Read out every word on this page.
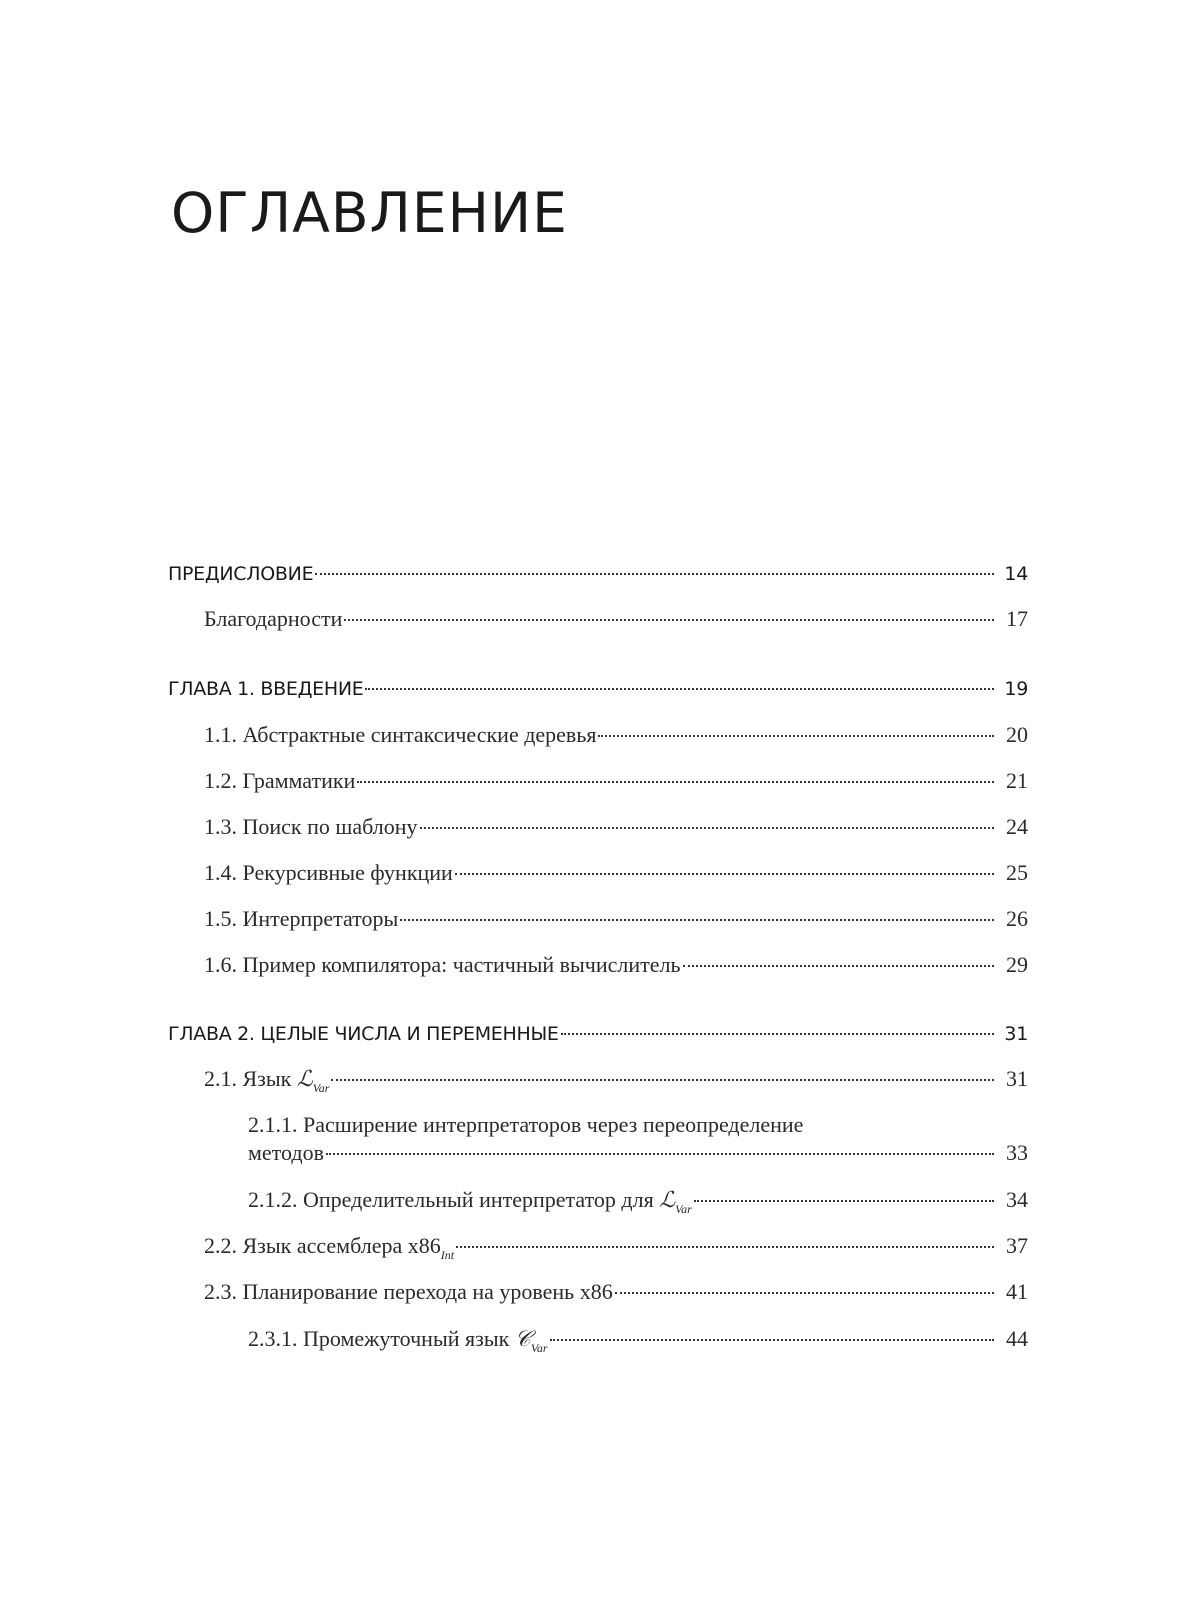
ОГЛАВЛЕНИЕ
ПРЕДИСЛОВИЕ	14
Благодарности	17
ГЛАВА 1. ВВЕДЕНИЕ	19
1.1. Абстрактные синтаксические деревья	20
1.2. Грамматики	21
1.3. Поиск по шаблону	24
1.4. Рекурсивные функции	25
1.5. Интерпретаторы	26
1.6. Пример компилятора: частичный вычислитель	29
ГЛАВА 2. ЦЕЛЫЕ ЧИСЛА И ПЕРЕМЕННЫЕ	31
2.1. Язык ℒ$_{Var}$	31
2.1.1. Расширение интерпретаторов через переопределение
методов	33
2.1.2. Определительный интерпретатор для ℒ$_{Var}$	34
2.2. Язык ассемблера $x86_{Int}$	37
2.3. Планирование перехода на уровень x86	41
2.3.1. Промежуточный язык 𝒞$_{Var}$	44
